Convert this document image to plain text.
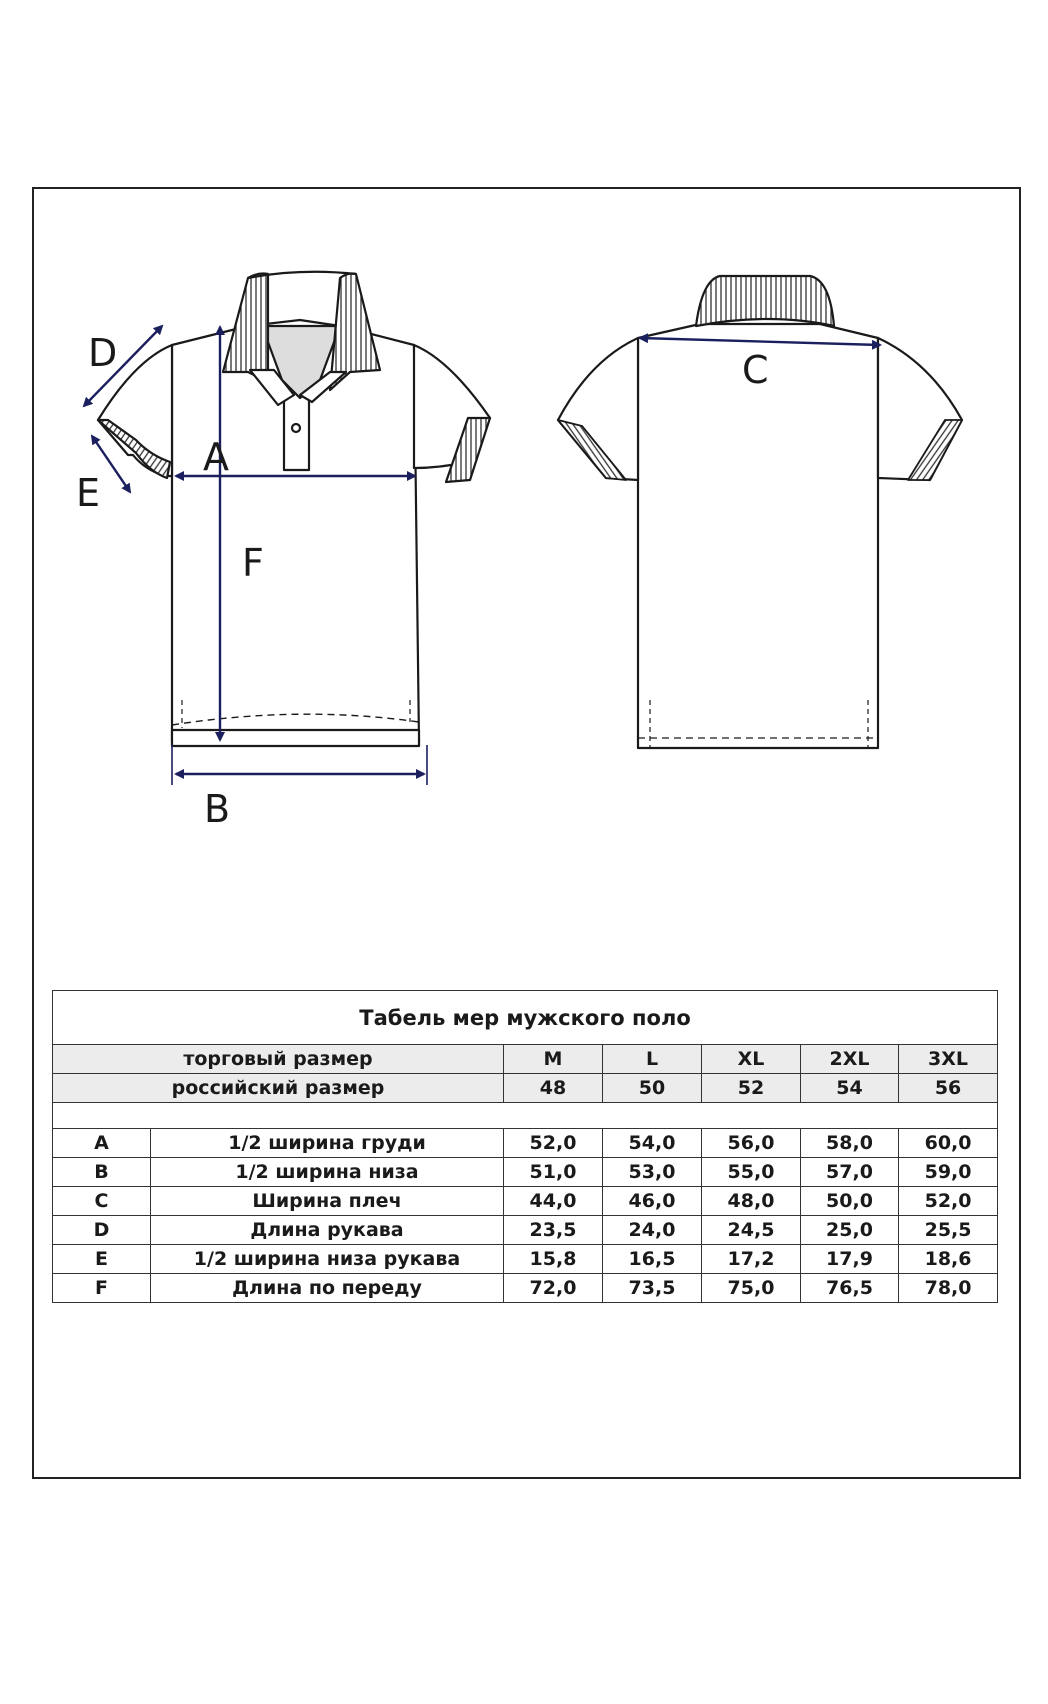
D
E
A
F
B
C
Табель мер мужского поло						
торговый размер		M	L	XL	2XL	3XL
российский размер		48	50	52	54	56

A	1/2 ширина груди	52,0	54,0	56,0	58,0	60,0
B	1/2 ширина низа	51,0	53,0	55,0	57,0	59,0
C	Ширина плеч	44,0	46,0	48,0	50,0	52,0
D	Длина рукава	23,5	24,0	24,5	25,0	25,5
E	1/2 ширина низа рукава	15,8	16,5	17,2	17,9	18,6
F	Длина по переду	72,0	73,5	75,0	76,5	78,0
